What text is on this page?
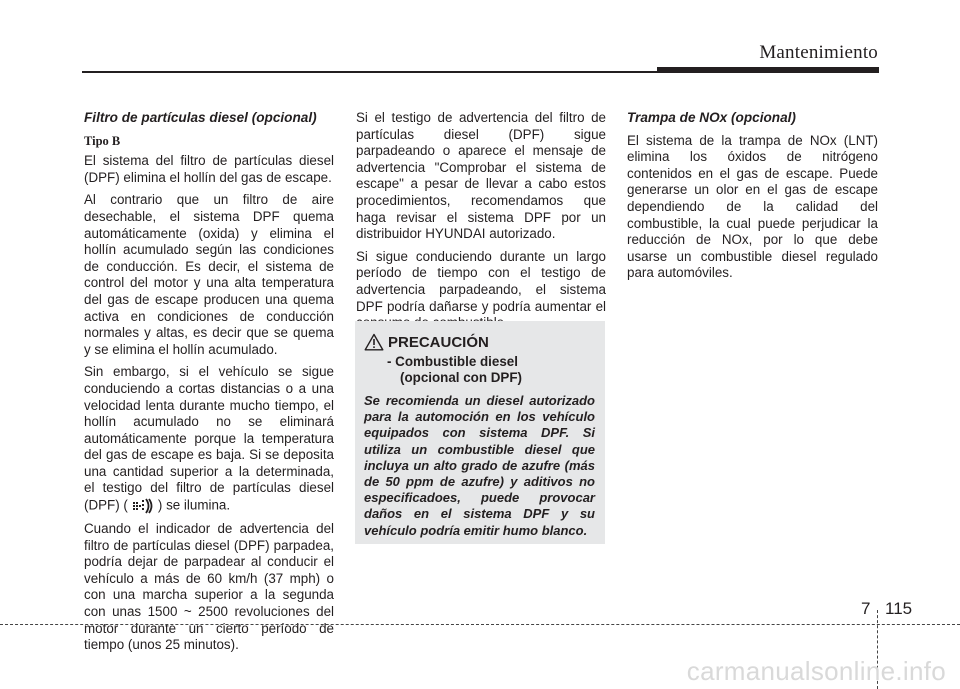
Mantenimiento
Filtro de partículas diesel (opcional)
Tipo B

El sistema del filtro de partículas diesel (DPF) elimina el hollín del gas de escape.

Al contrario que un filtro de aire desechable, el sistema DPF quema automáticamente (oxida) y elimina el hollín acumulado según las condiciones de conducción. Es decir, el sistema de control del motor y una alta temperatura del gas de escape producen una quema activa en condiciones de conducción normales y altas, es decir que se quema y se elimina el hollín acumulado.

Sin embargo, si el vehículo se sigue conduciendo a cortas distancias o a una velocidad lenta durante mucho tiempo, el hollín acumulado no se eliminará automáticamente porque la temperatura del gas de escape es baja. Si se deposita una cantidad superior a la determinada, el testigo del filtro de partículas diesel (DPF) ( ) se ilumina.

Cuando el indicador de advertencia del filtro de partículas diesel (DPF) parpadea, podría dejar de parpadear al conducir el vehículo a más de 60 km/h (37 mph) o con una marcha superior a la segunda con unas 1500 ~ 2500 revoluciones del motor durante un cierto período de tiempo (unos 25 minutos).

Si el testigo de advertencia del filtro de partículas diesel (DPF) sigue parpadeando o aparece el mensaje de advertencia "Comprobar el sistema de escape" a pesar de llevar a cabo estos procedimientos, recomendamos que haga revisar el sistema DPF por un distribuidor HYUNDAI autorizado.

Si sigue conduciendo durante un largo período de tiempo con el testigo de advertencia parpadeando, el sistema DPF podría dañarse y podría aumentar el

PRECAUCIÓN
- Combustible diesel
(opcional con DPF)
Se recomienda un diesel autorizado para la automoción en los vehículo equipados con sistema DPF. Si utiliza un combustible diesel que incluya un alto grado de azufre (más de 50 ppm de azufre) y aditivos no especificadoes, puede provocar daños en el sistema DPF y su vehículo podría emitir humo blanco.
Trampa de NOx (opcional)

El sistema de la trampa de NOx (LNT) elimina los óxidos de nitrógeno contenidos en el gas de escape. Puede generarse un olor en el gas de escape dependiendo de la calidad del combustible, la cual puede perjudicar la reducción de NOx, por lo que debe usarse un combustible diesel regulado para automóviles.

7 115
carmanualsonline.info
